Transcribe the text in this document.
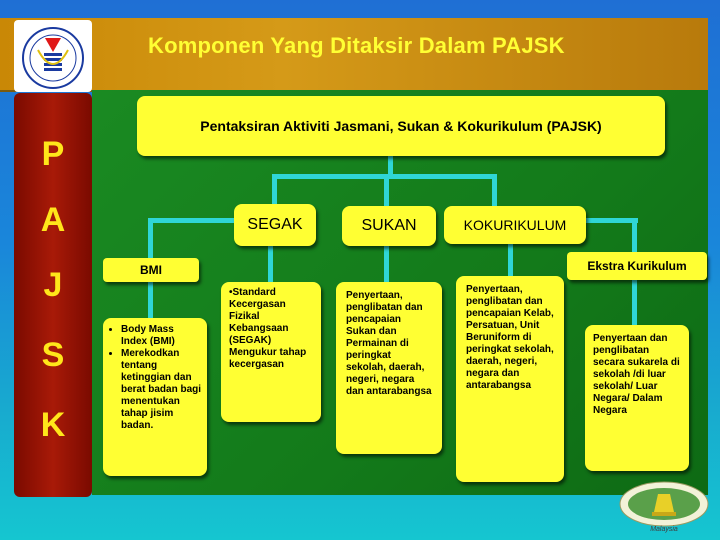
Komponen Yang Ditaksir Dalam PAJSK
P
A
J
S
K
Pentaksiran Aktiviti Jasmani, Sukan & Kokurikulum (PAJSK)
SEGAK	SUKAN	KOKURIKULUM
BMI	Ekstra Kurikulum
• Body Mass Index (BMI)
• Merekodkan tentang ketinggian dan berat badan bagi menentukan tahap jisim badan.
•Standard Kecergasan Fizikal Kebangsaan (SEGAK) Mengukur tahap kecergasan
Penyertaan, penglibatan dan pencapaian Sukan dan Permainan di peringkat sekolah, daerah, negeri, negara dan antarabangsa
Penyertaan, penglibatan dan pencapaian Kelab, Persatuan, Unit Beruniform di peringkat sekolah, daerah, negeri, negara dan antarabangsa
Penyertaan dan penglibatan secara sukarela di sekolah /di luar sekolah/ Luar Negara/ Dalam Negara
Malaysia
